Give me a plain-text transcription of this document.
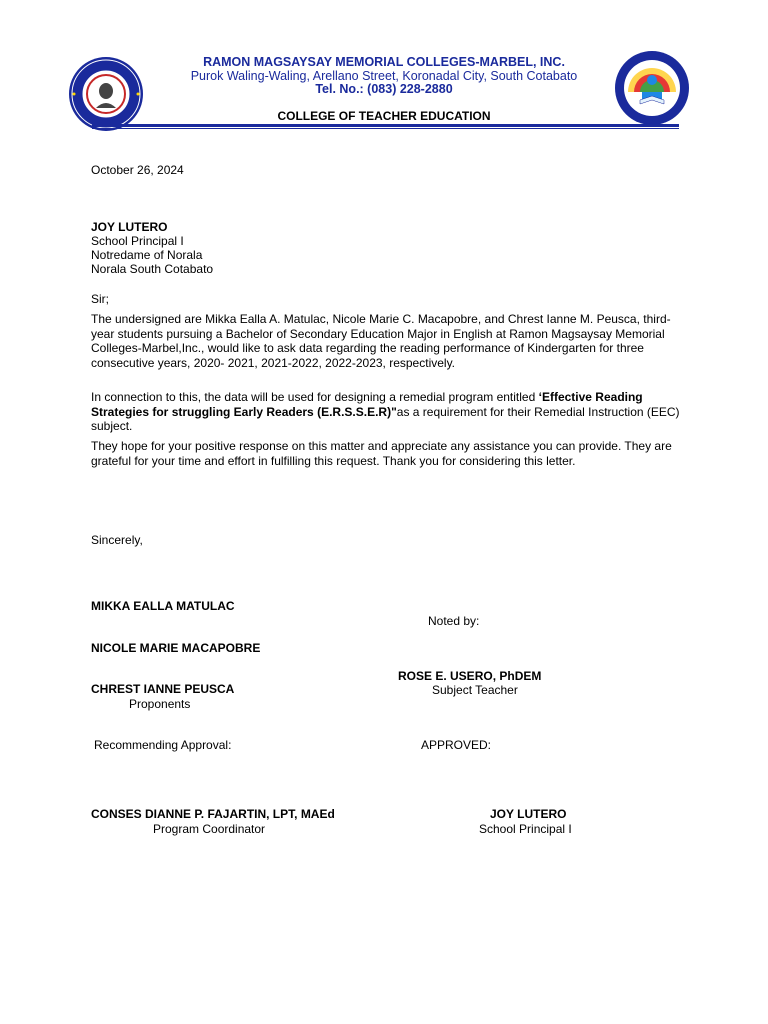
RAMON MAGSAYSAY MEMORIAL COLLEGES-MARBEL, INC.
Purok Waling-Waling, Arellano Street, Koronadal City, South Cotabato
Tel. No.: (083) 228-2880
COLLEGE OF TEACHER EDUCATION
October 26, 2024
JOY LUTERO
School Principal I
Notredame of Norala
Norala South Cotabato
Sir;
The undersigned are Mikka Ealla A. Matulac, Nicole Marie C. Macapobre, and Chrest Ianne M. Peusca, third-year students pursuing a Bachelor of Secondary Education Major in English at Ramon Magsaysay Memorial Colleges-Marbel,Inc., would like to ask data regarding the reading performance of Kindergarten for three consecutive years, 2020- 2021, 2021-2022, 2022-2023, respectively.
In connection to this, the data will be used for designing a remedial program entitled ‘Effective Reading Strategies for struggling Early Readers (E.R.S.S.E.R)"as a requirement for their Remedial Instruction (EEC) subject.
They hope for your positive response on this matter and appreciate any assistance you can provide. They are grateful for your time and effort in fulfilling this request. Thank you for considering this letter.
Sincerely,
MIKKA EALLA MATULAC
Noted by:
NICOLE MARIE MACAPOBRE
ROSE E. USERO, PhDEM
CHREST IANNE PEUSCA	Subject Teacher
Proponents
Recommending Approval:	APPROVED:
CONSES DIANNE P. FAJARTIN, LPT, MAEd	JOY LUTERO
Program Coordinator	School Principal I
